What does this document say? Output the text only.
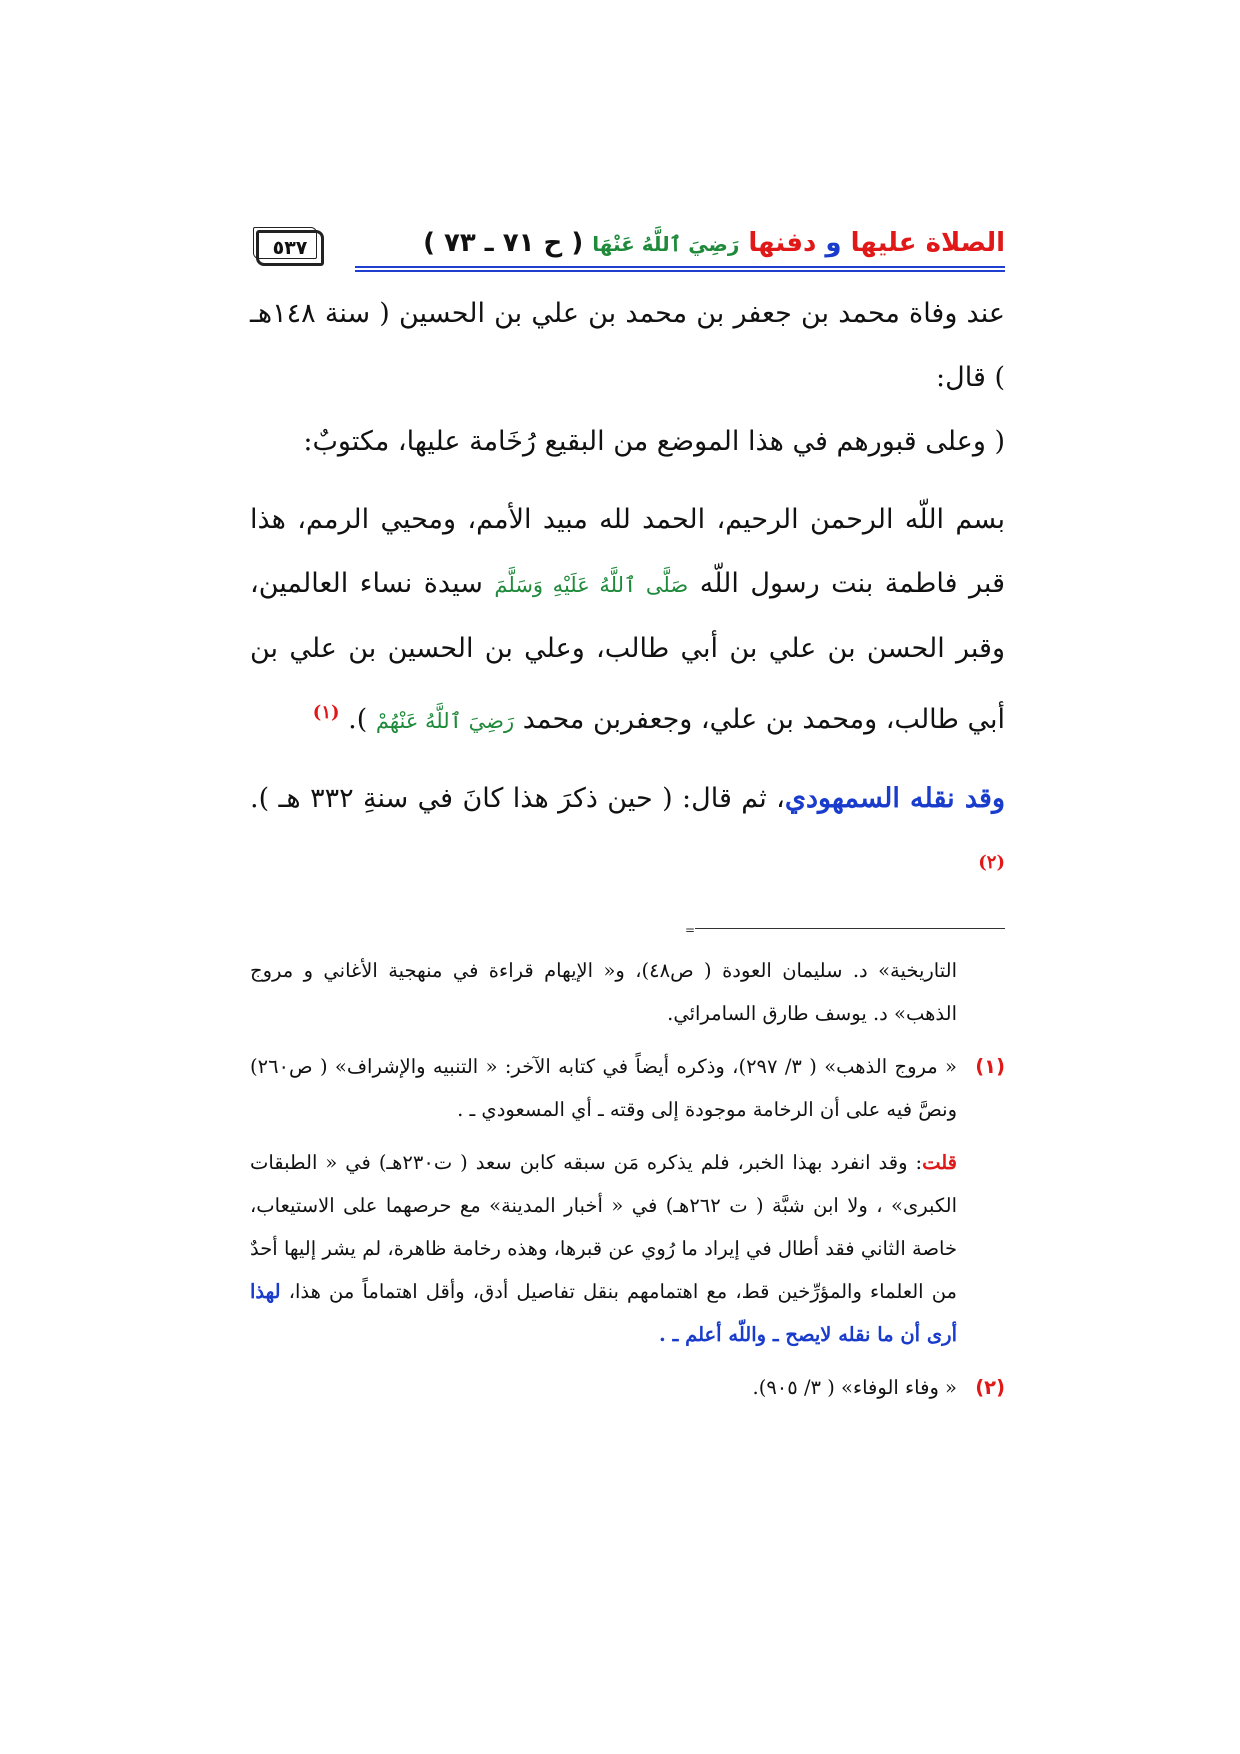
الصلاة عليها و دفنها رَضِيَ ٱللَّهُ عَنْهَا ( ح ٧١ ـ ٧٣ )
٥٣٧

عند وفاة محمد بن جعفر بن محمد بن علي بن الحسين ( سنة ١٤٨هـ ) قال:

( وعلى قبورهم في هذا الموضع من البقيع رُخَامة عليها، مكتوبٌ:

بسم اللّه الرحمن الرحيم، الحمد لله مبيد الأمم، ومحيي الرمم، هذا قبر فاطمة بنت رسول اللّه صَلَّى ٱللَّهُ عَلَيْهِ وَسَلَّمَ سيدة نساء العالمين، وقبر الحسن بن علي بن أبي طالب، وعلي بن الحسين بن علي بن أبي طالب، ومحمد بن علي، وجعفربن محمد رَضِيَ ٱللَّهُ عَنْهُمْ ). $^{(١)}$

وقد نقله السمهودي، ثم قال: ( حين ذكرَ هذا كانَ في سنةِ ٣٣٢ هـ ). $^{(٢)}$

=

التاريخية» د. سليمان العودة ( ص٤٨)، و« الإيهام قراءة في منهجية الأغاني و مروج الذهب» د. يوسف طارق السامرائي.

(١)
« مروج الذهب» ( ٣/ ٢٩٧)، وذكره أيضاً في كتابه الآخر: « التنبيه والإشراف» ( ص٢٦٠) ونصَّ فيه على أن الرخامة موجودة إلى وقته ـ أي المسعودي ـ .

قلت: وقد انفرد بهذا الخبر، فلم يذكره مَن سبقه كابن سعد ( ت٢٣٠هـ) في « الطبقات الكبرى» ، ولا ابن شبَّة ( ت ٢٦٢هـ) في « أخبار المدينة» مع حرصهما على الاستيعاب، خاصة الثاني فقد أطال في إيراد ما رُوي عن قبرها، وهذه رخامة ظاهرة، لم يشر إليها أحدٌ من العلماء والمؤرِّخين قط، مع اهتمامهم بنقل تفاصيل أدق، وأقل اهتماماً من هذا، لهذا أرى أن ما نقله لايصح ـ واللّه أعلم ـ .

(٢)
« وفاء الوفاء» ( ٣/ ٩٠٥).
